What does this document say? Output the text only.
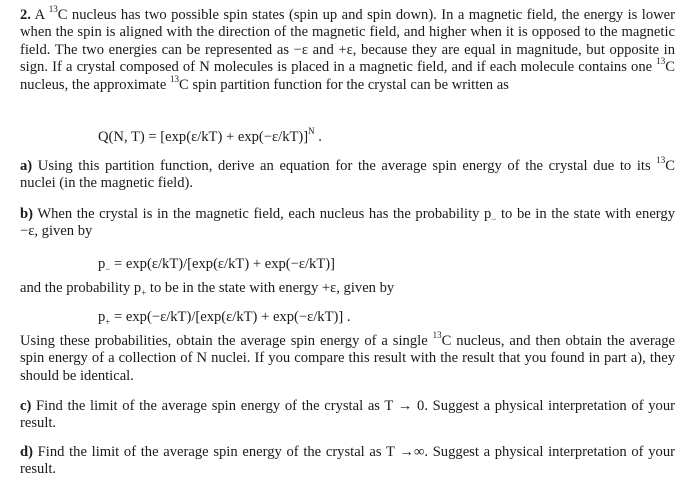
2. A $^{13}$C nucleus has two possible spin states (spin up and spin down). In a magnetic field, the energy is lower when the spin is aligned with the direction of the magnetic field, and higher when it is opposed to the magnetic field. The two energies can be represented as −ε and +ε, because they are equal in magnitude, but opposite in sign. If a crystal composed of N molecules is placed in a magnetic field, and if each molecule contains one $^{13}$C nucleus, the approximate $^{13}$C spin partition function for the crystal can be written as
Q(N, $T) = [\exp(\varepsilon/kT) + \exp(-\varepsilon/kT)]^N$ .
a) Using this partition function, derive an equation for the average spin energy of the crystal due to its $^{13}$C nuclei (in the magnetic field).
b) When the crystal is in the magnetic field, each nucleus has the probability $p_-$ to be in the state with energy −ε, given by
$p_- = \exp(\varepsilon/kT)/[\exp(\varepsilon/kT) + \exp(-\varepsilon/kT)]$
and the probability $p_+$ to be in the state with energy +ε, given by
$p_+ = \exp(-\varepsilon/kT)/[\exp(\varepsilon/kT) + \exp(-\varepsilon/kT)]$ .
Using these probabilities, obtain the average spin energy of a single $^{13}$C nucleus, and then obtain the average spin energy of a collection of N nuclei. If you compare this result with the result that you found in part a), they should be identical.
c) Find the limit of the average spin energy of the crystal as T → 0. Suggest a physical interpretation of your result.
d) Find the limit of the average spin energy of the crystal as T →∞. Suggest a physical interpretation of your result.
